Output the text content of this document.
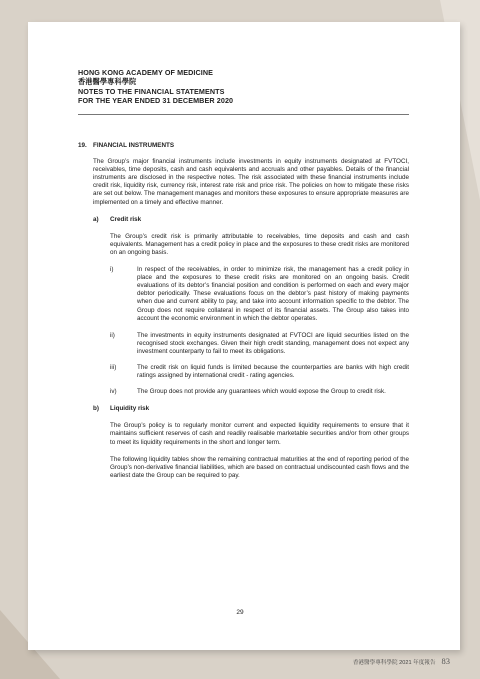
HONG KONG ACADEMY OF MEDICINE
香港醫學專科學院
NOTES TO THE FINANCIAL STATEMENTS
FOR THE YEAR ENDED 31 DECEMBER 2020
19. FINANCIAL INSTRUMENTS

The Group’s major financial instruments include investments in equity instruments designated at FVTOCI, receivables, time deposits, cash and cash equivalents and accruals and other payables. Details of the financial instruments are disclosed in the respective notes. The risk associated with these financial instruments include credit risk, liquidity risk, currency risk, interest rate risk and price risk. The policies on how to mitigate these risks are set out below. The management manages and monitors these exposures to ensure appropriate measures are implemented on a timely and effective manner.

a)	Credit risk

The Group’s credit risk is primarily attributable to receivables, time deposits and cash and cash equivalents. Management has a credit policy in place and the exposures to these credit risks are monitored on an ongoing basis.

i)	In respect of the receivables, in order to minimize risk, the management has a credit policy in place and the exposures to these credit risks are monitored on an ongoing basis. Credit evaluations of its debtor’s financial position and condition is performed on each and every major debtor periodically. These evaluations focus on the debtor’s past history of making payments when due and current ability to pay, and take into account information specific to the debtor. The Group does not require collateral in respect of its financial assets. The Group also takes into account the economic environment in which the debtor operates.

ii)	The investments in equity instruments designated at FVTOCI are liquid securities listed on the recognised stock exchanges. Given their high credit standing, management does not expect any investment counterparty to fail to meet its obligations.

iii)	The credit risk on liquid funds is limited because the counterparties are banks with high credit ratings assigned by international credit - rating agencies.

iv)	The Group does not provide any guarantees which would expose the Group to credit risk.

b)	Liquidity risk

The Group’s policy is to regularly monitor current and expected liquidity requirements to ensure that it maintains sufficient reserves of cash and readily realisable marketable securities and/or from other groups to meet its liquidity requirements in the short and longer term.

The following liquidity tables show the remaining contractual maturities at the end of reporting period of the Group’s non-derivative financial liabilities, which are based on contractual undiscounted cash flows and the earliest date the Group can be required to pay.

29
香港醫學專科學院 2021 年度報告 83
